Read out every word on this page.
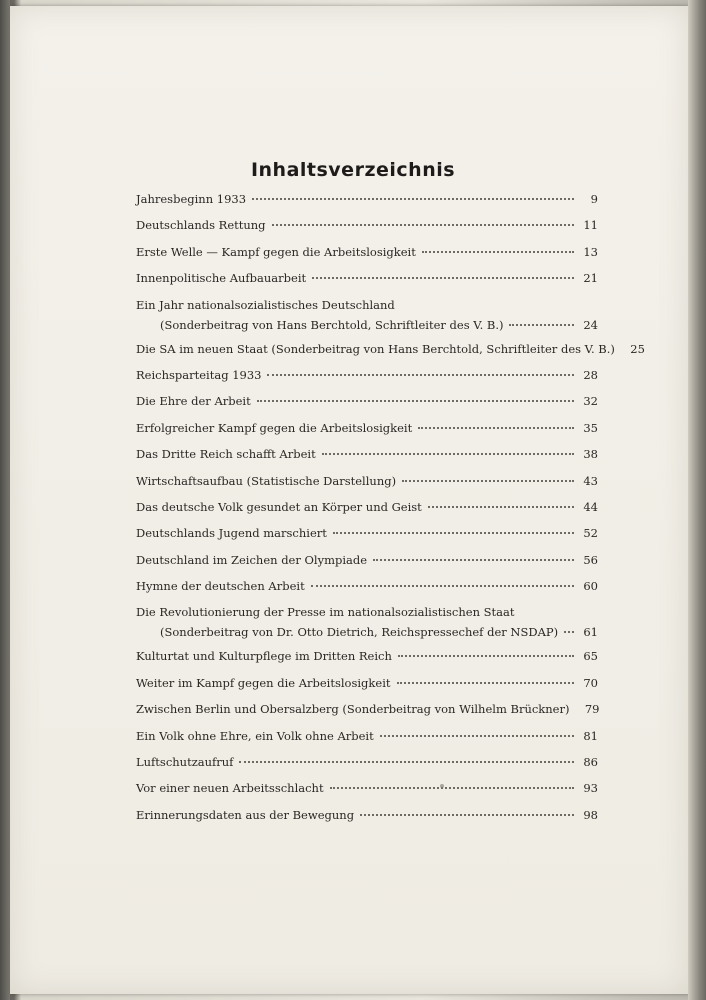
Inhaltsverzeichnis
Jahresbeginn 1933	9
Deutschlands Rettung	11
Erste Welle — Kampf gegen die Arbeitslosigkeit	13
Innenpolitische Aufbauarbeit	21
Ein Jahr nationalsozialistisches Deutschland
(Sonderbeitrag von Hans Berchtold, Schriftleiter des V. B.)	24
Die SA im neuen Staat (Sonderbeitrag von Hans Berchtold, Schriftleiter des V. B.) 25
Reichsparteitag 1933	28
Die Ehre der Arbeit	32
Erfolgreicher Kampf gegen die Arbeitslosigkeit	35
Das Dritte Reich schafft Arbeit	38
Wirtschaftsaufbau (Statistische Darstellung)	43
Das deutsche Volk gesundet an Körper und Geist	44
Deutschlands Jugend marschiert	52
Deutschland im Zeichen der Olympiade	56
Hymne der deutschen Arbeit	60
Die Revolutionierung der Presse im nationalsozialistischen Staat
(Sonderbeitrag von Dr. Otto Dietrich, Reichspressechef der NSDAP) 61
Kulturtat und Kulturpflege im Dritten Reich	65
Weiter im Kampf gegen die Arbeitslosigkeit	70
Zwischen Berlin und Obersalzberg (Sonderbeitrag von Wilhelm Brückner) 79
Ein Volk ohne Ehre, ein Volk ohne Arbeit	81
Luftschutzaufruf	86
Vor einer neuen Arbeitsschlacht	93
Erinnerungsdaten aus der Bewegung	98
